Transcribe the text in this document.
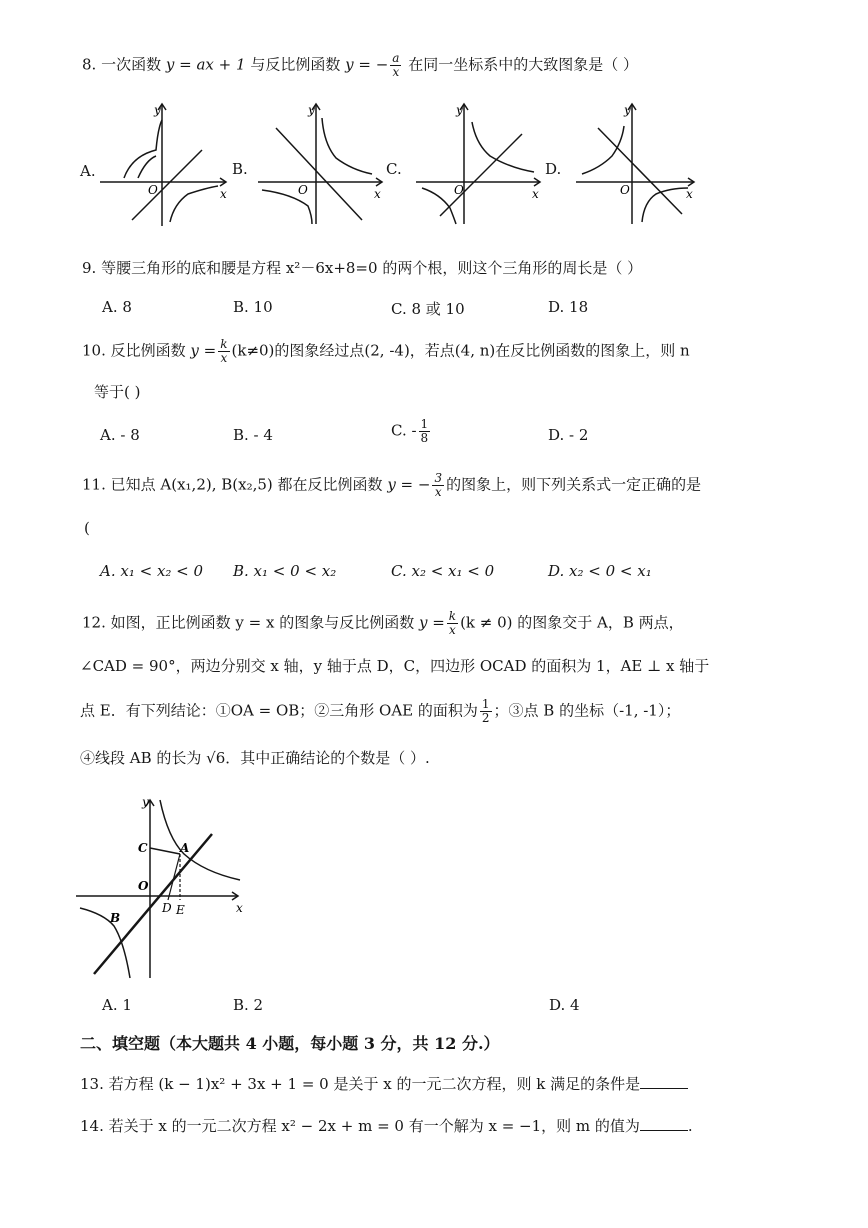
8. 一次函数 y = ax + 1 与反比例函数 y = − $\frac{a}{x}$ 在同一坐标系中的大致图象是（ ）
A.	B.	C.	D.
y
x
O
y
x
O
y
x
O
y
x
O
9. 等腰三角形的底和腰是方程 x²－6x+8=0 的两个根，则这个三角形的周长是（ ）
A. 8	B. 10	C. 8 或 10	D. 18
10. 反比例函数 $y = \frac{k}{x} (k\ne 0)$的图象经过点(2, -4)，若点(4, n)在反比例函数的图象上，则 n
等于( )
A. - 8	B. - 4	C. - $\frac{1}{8}$	D. - 2
11. 已知点 A(x₁,2), B(x₂,5) 都在反比例函数 y = − $\frac{3}{x}$ 的图象上，则下列关系式一定正确的是
(
A. x₁ < x₂ < 0 B. x₁ < 0 < x₂	C. x₂ < x₁ < 0	D. x₂ < 0 < x₁
12. 如图，正比例函数 y = x 的图象与反比例函数 $y = \frac{k}{x} (k \ne 0)$ 的图象交于 A，B 两点，
∠CAD = 90°，两边分别交 x 轴，y 轴于点 D，C，四边形 OCAD 的面积为 1，AE ⊥ x 轴于
点 E．有下列结论：①OA = OB；②三角形 OAE 的面积为 $\frac{1}{2}$ ；③点 B 的坐标（-1, -1）；
④线段 AB 的长为 √6．其中正确结论的个数是（ ）.
y
x
O
C	A
B
D E
A. 1	B. 2	D. 4
二、填空题（本大题共 4 小题，每小题 3 分，共 12 分.）
13. 若方程 (k − 1)x² + 3x + 1 = 0 是关于 x 的一元二次方程，则 k 满足的条件是
14. 若关于 x 的一元二次方程 x² − 2x + m = 0 有一个解为 x = −1，则 m 的值为	.
